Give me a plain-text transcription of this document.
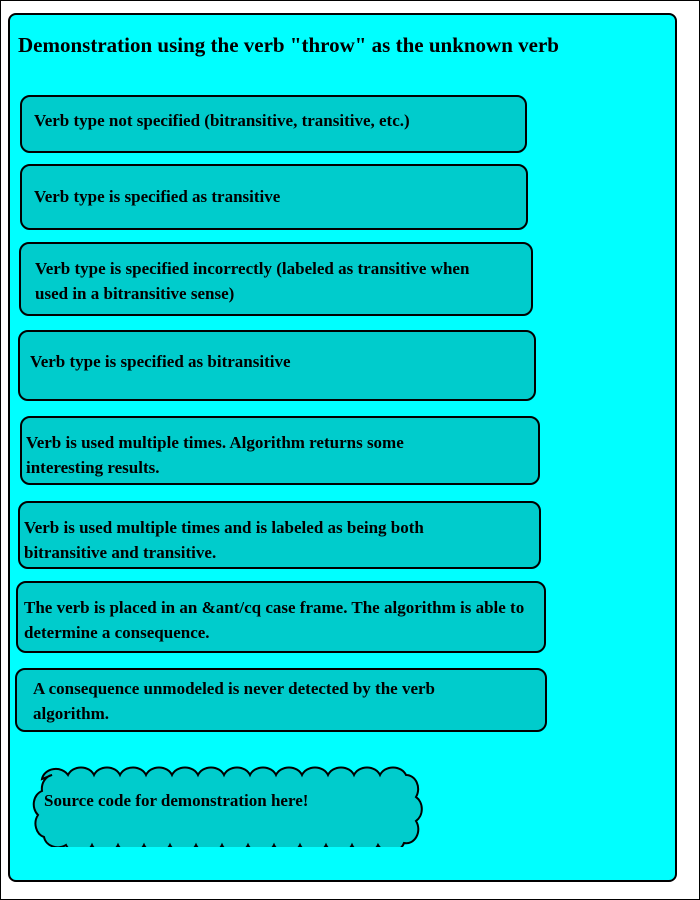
Demonstration using the verb "throw" as the unknown verb
Verb type not specified (bitransitive, transitive, etc.)
Verb type is specified as transitive
Verb type is specified incorrectly (labeled as transitive when used in a bitransitive sense)
Verb type is specified as bitransitive
Verb is used multiple times. Algorithm returns some interesting results.
Verb is used multiple times and is labeled as being both bitransitive and transitive.
The verb is placed in an &ant/cq case frame. The algorithm is able to determine a consequence.
A consequence unmodeled is never detected by the verb algorithm.
Source code for demonstration here!
